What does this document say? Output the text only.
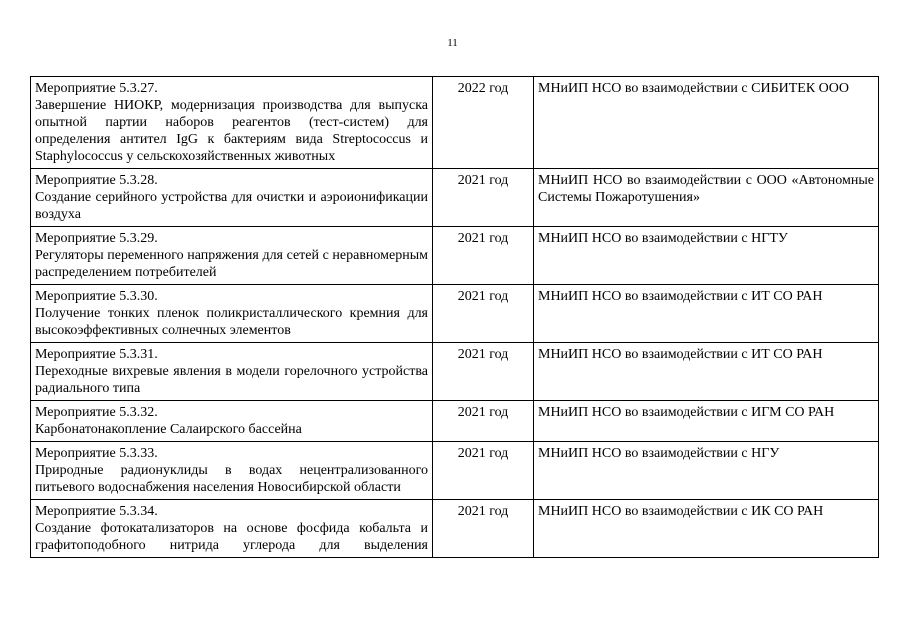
11
Мероприятие 5.3.27.
Завершение НИОКР, модернизация производства для выпуска опытной партии наборов реагентов (тест-систем) для определения антител IgG к бактериям вида Streptococcus и Staphylococcus у сельскохозяйственных животных	2022 год	МНиИП НСО во взаимодействии с СИБИТЕК ООО

Мероприятие 5.3.28.
Создание серийного устройства для очистки и аэроионификации воздуха	2021 год	МНиИП НСО во взаимодействии с ООО «Автономные Системы Пожаротушения»

Мероприятие 5.3.29.
Регуляторы переменного напряжения для сетей с неравномерным распределением потребителей	2021 год	МНиИП НСО во взаимодействии с НГТУ

Мероприятие 5.3.30.
Получение тонких пленок поликристаллического кремния для высокоэффективных солнечных элементов	2021 год	МНиИП НСО во взаимодействии с ИТ СО РАН

Мероприятие 5.3.31.
Переходные вихревые явления в модели горелочного устройства радиального типа	2021 год	МНиИП НСО во взаимодействии с ИТ СО РАН

Мероприятие 5.3.32.
Карбонатонакопление Салаирского бассейна	2021 год	МНиИП НСО во взаимодействии с ИГМ СО РАН

Мероприятие 5.3.33.
Природные радионуклиды в водах нецентрализованного питьевого водоснабжения населения Новосибирской области	2021 год	МНиИП НСО во взаимодействии с НГУ

Мероприятие 5.3.34.
Создание фотокатализаторов на основе фосфида кобальта и графитоподобного нитрида углерода для выделения	2021 год	МНиИП НСО во взаимодействии с ИК СО РАН
